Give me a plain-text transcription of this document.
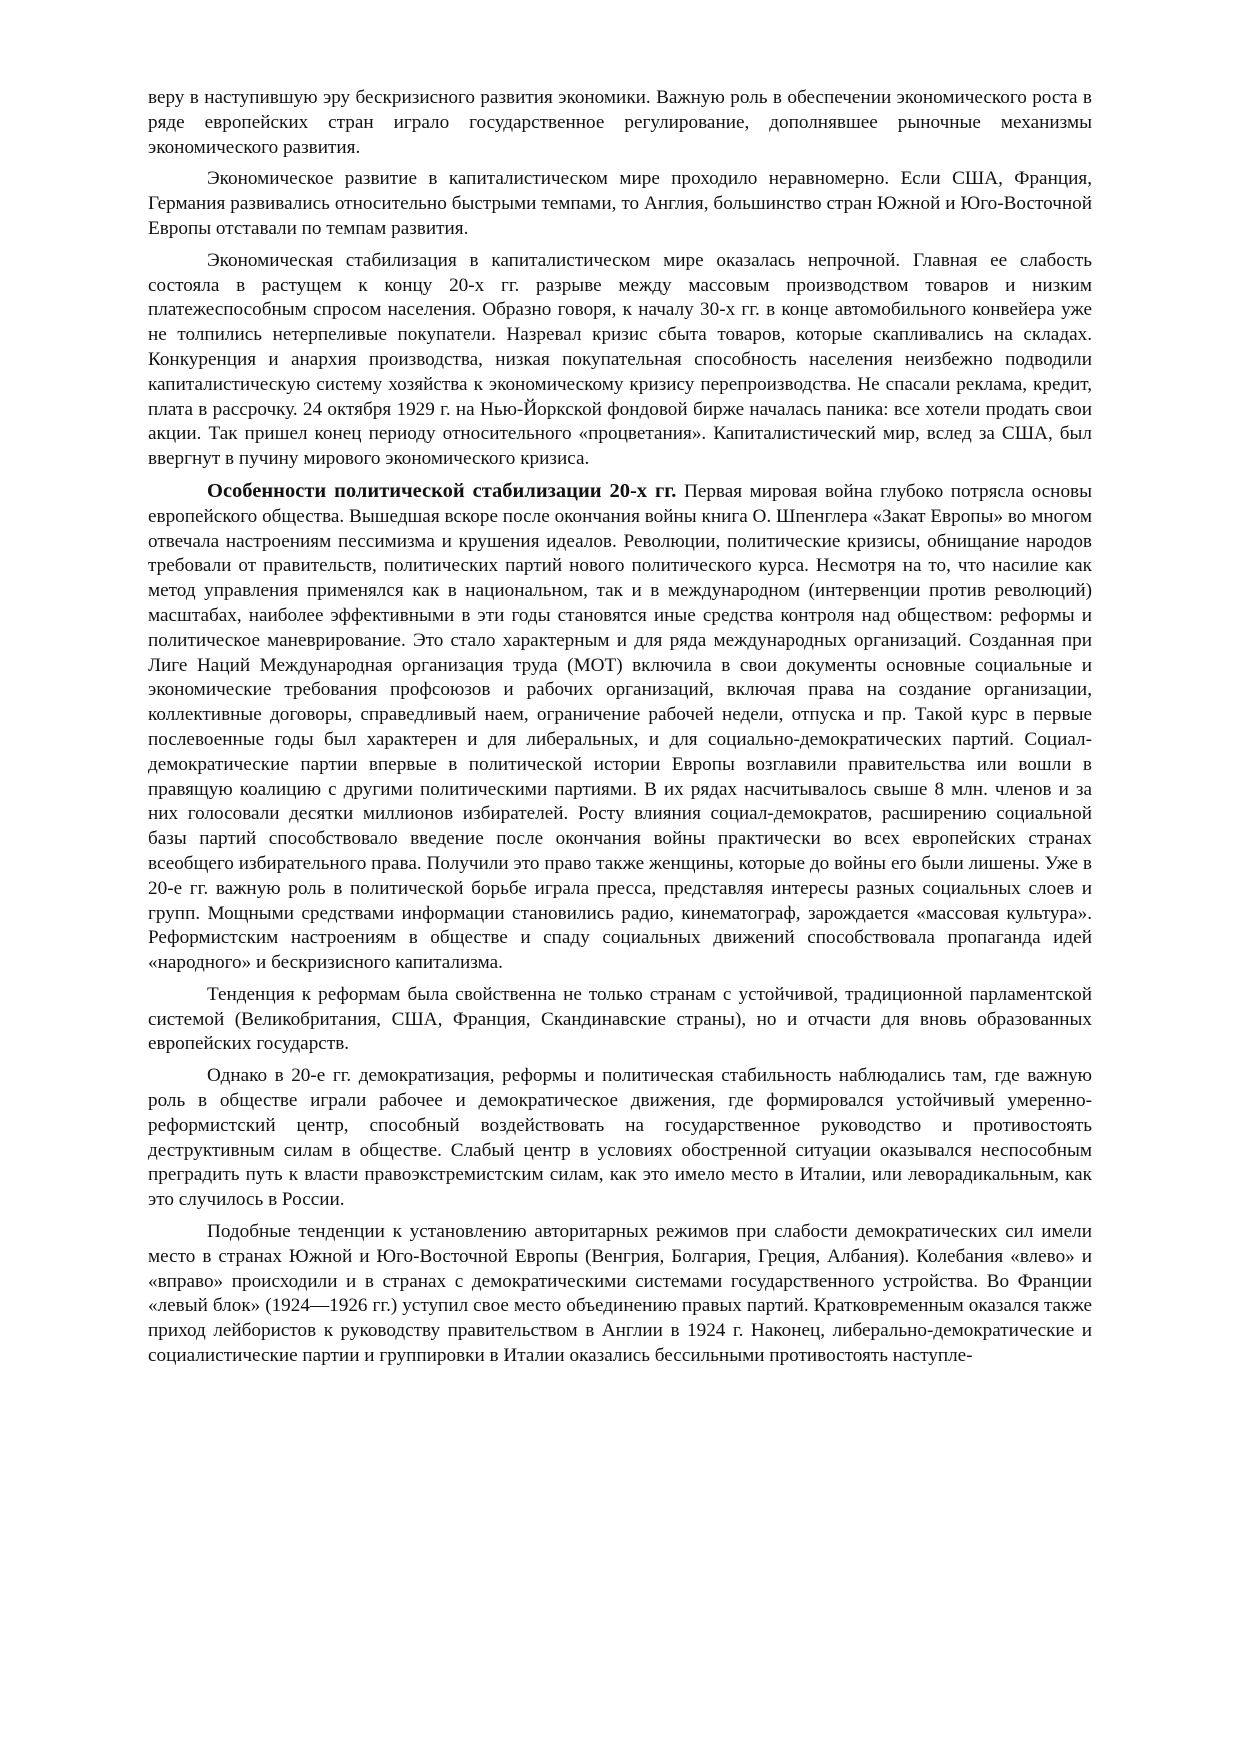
веру в наступившую эру бескризисного развития экономики. Важную роль в обеспечении экономического роста в ряде европейских стран играло государственное регулирование, дополнявшее рыночные механизмы экономического развития.

Экономическое развитие в капиталистическом мире проходило неравномерно. Если США, Франция, Германия развивались относительно быстрыми темпами, то Англия, большинство стран Южной и Юго-Восточной Европы отставали по темпам развития.

Экономическая стабилизация в капиталистическом мире оказалась непрочной. Главная ее слабость состояла в растущем к концу 20-х гг. разрыве между массовым производством товаров и низким платежеспособным спросом населения. Образно говоря, к началу 30-х гг. в конце автомобильного конвейера уже не толпились нетерпеливые покупатели. Назревал кризис сбыта товаров, которые скапливались на складах. Конкуренция и анархия производства, низкая покупательная способность населения неизбежно подводили капиталистическую систему хозяйства к экономическому кризису перепроизводства. Не спасали реклама, кредит, плата в рассрочку. 24 октября 1929 г. на Нью-Йоркской фондовой бирже началась паника: все хотели продать свои акции. Так пришел конец периоду относительного «процветания». Капиталистический мир, вслед за США, был ввергнут в пучину мирового экономического кризиса.

Особенности политической стабилизации 20-х гг. Первая мировая война глубоко потрясла основы европейского общества. Вышедшая вскоре после окончания войны книга О. Шпенглера «Закат Европы» во многом отвечала настроениям пессимизма и крушения идеалов. Революции, политические кризисы, обнищание народов требовали от правительств, политических партий нового политического курса. Несмотря на то, что насилие как метод управления применялся как в национальном, так и в международном (интервенции против революций) масштабах, наиболее эффективными в эти годы становятся иные средства контроля над обществом: реформы и политическое маневрирование. Это стало характерным и для ряда международных организаций. Созданная при Лиге Наций Международная организация труда (МОТ) включила в свои документы основные социальные и экономические требования профсоюзов и рабочих организаций, включая права на создание организации, коллективные договоры, справедливый наем, ограничение рабочей недели, отпуска и пр. Такой курс в первые послевоенные годы был характерен и для либеральных, и для социально-демократических партий. Социал-демократические партии впервые в политической истории Европы возглавили правительства или вошли в правящую коалицию с другими политическими партиями. В их рядах насчитывалось свыше 8 млн. членов и за них голосовали десятки миллионов избирателей. Росту влияния социал-демократов, расширению социальной базы партий способствовало введение после окончания войны практически во всех европейских странах всеобщего избирательного права. Получили это право также женщины, которые до войны его были лишены. Уже в 20-е гг. важную роль в политической борьбе играла пресса, представляя интересы разных социальных слоев и групп. Мощными средствами информации становились радио, кинематограф, зарождается «массовая культура». Реформистским настроениям в обществе и спаду социальных движений способствовала пропаганда идей «народного» и бескризисного капитализма.

Тенденция к реформам была свойственна не только странам с устойчивой, традиционной парламентской системой (Великобритания, США, Франция, Скандинавские страны), но и отчасти для вновь образованных европейских государств.

Однако в 20-е гг. демократизация, реформы и политическая стабильность наблюдались там, где важную роль в обществе играли рабочее и демократическое движения, где формировался устойчивый умеренно-реформистский центр, способный воздействовать на государственное руководство и противостоять деструктивным силам в обществе. Слабый центр в условиях обостренной ситуации оказывался неспособным преградить путь к власти правоэкстремистским силам, как это имело место в Италии, или леворадикальным, как это случилось в России.

Подобные тенденции к установлению авторитарных режимов при слабости демократических сил имели место в странах Южной и Юго-Восточной Европы (Венгрия, Болгария, Греция, Албания). Колебания «влево» и «вправо» происходили и в странах с демократическими системами государственного устройства. Во Франции «левый блок» (1924—1926 гг.) уступил свое место объединению правых партий. Кратковременным оказался также приход лейбористов к руководству правительством в Англии в 1924 г. Наконец, либерально-демократические и социалистические партии и группировки в Италии оказались бессильными противостоять наступле-
